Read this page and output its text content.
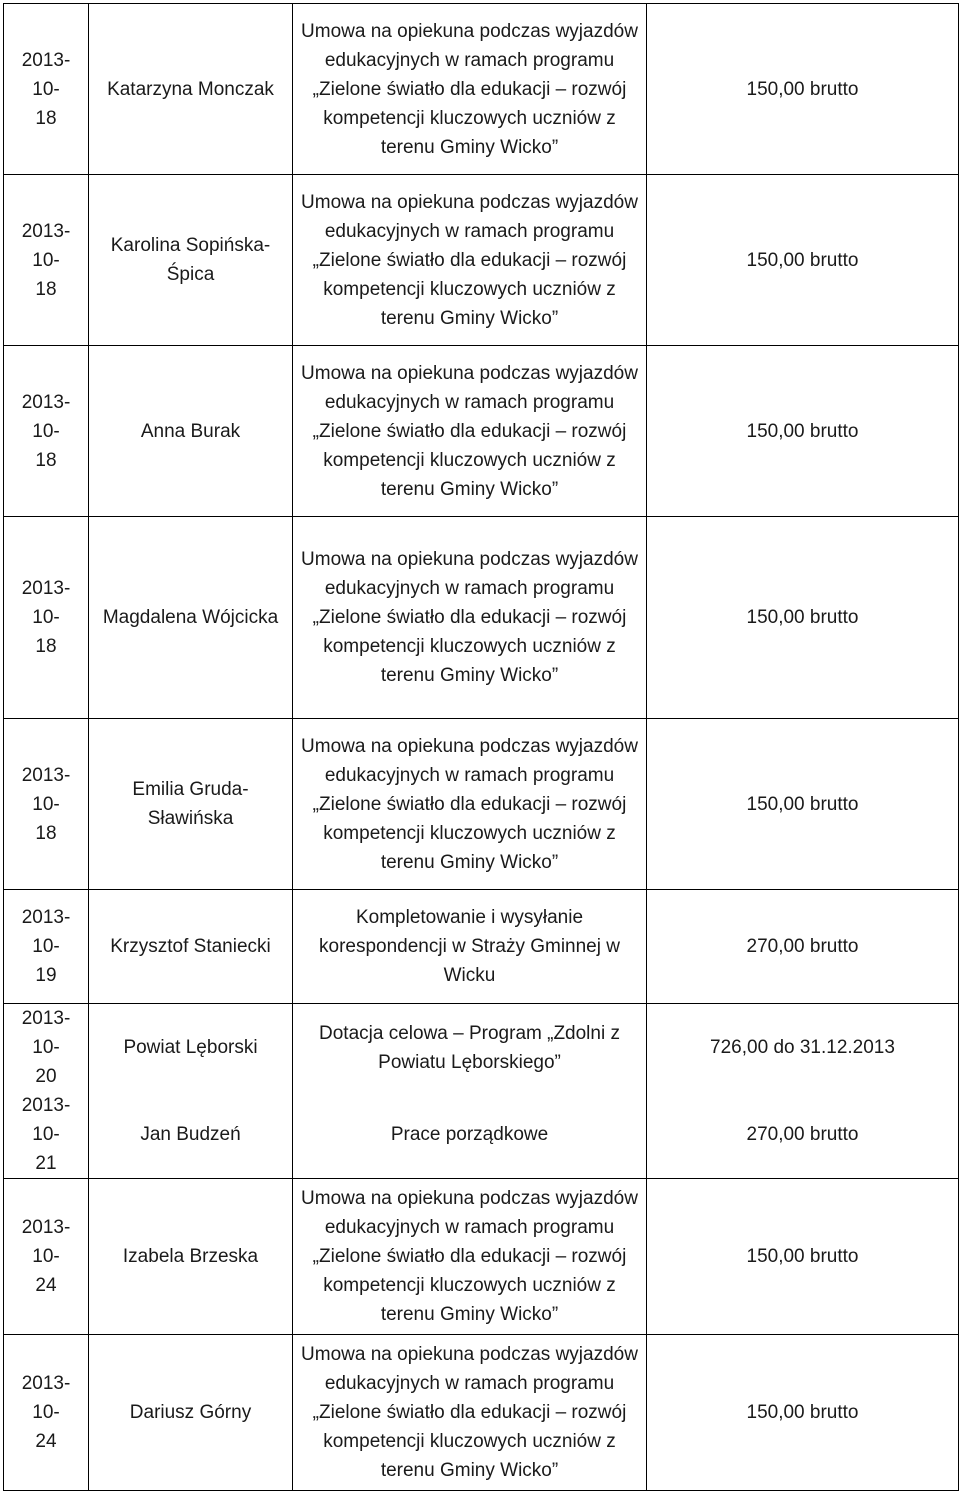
2013-10-
18	Katarzyna Monczak	Umowa na opiekuna podczas wyjazdów
edukacyjnych w ramach programu
„Zielone światło dla edukacji – rozwój
kompetencji kluczowych uczniów z
terenu Gminy Wicko”	150,00 brutto
2013-10-
18	Karolina Sopińska-
Śpica	Umowa na opiekuna podczas wyjazdów
edukacyjnych w ramach programu
„Zielone światło dla edukacji – rozwój
kompetencji kluczowych uczniów z
terenu Gminy Wicko”	150,00 brutto
2013-10-
18	Anna Burak	Umowa na opiekuna podczas wyjazdów
edukacyjnych w ramach programu
„Zielone światło dla edukacji – rozwój
kompetencji kluczowych uczniów z
terenu Gminy Wicko”	150,00 brutto
2013-10-
18	Magdalena Wójcicka	Umowa na opiekuna podczas wyjazdów
edukacyjnych w ramach programu
„Zielone światło dla edukacji – rozwój
kompetencji kluczowych uczniów z
terenu Gminy Wicko”	150,00 brutto
2013-10-
18	Emilia Gruda-
Sławińska	Umowa na opiekuna podczas wyjazdów
edukacyjnych w ramach programu
„Zielone światło dla edukacji – rozwój
kompetencji kluczowych uczniów z
terenu Gminy Wicko”	150,00 brutto
2013-10-
19	Krzysztof Staniecki	Kompletowanie i wysyłanie
korespondencji w Straży Gminnej w
Wicku	270,00 brutto
2013-10-
20	Powiat Lęborski	Dotacja celowa – Program „Zdolni z
Powiatu Lęborskiego”	726,00 do 31.12.2013
2013-10-
21	Jan Budzeń	Prace porządkowe	270,00 brutto
2013-10-
24	Izabela Brzeska	Umowa na opiekuna podczas wyjazdów
edukacyjnych w ramach programu
„Zielone światło dla edukacji – rozwój
kompetencji kluczowych uczniów z
terenu Gminy Wicko”	150,00 brutto
2013-10-
24	Dariusz Górny	Umowa na opiekuna podczas wyjazdów
edukacyjnych w ramach programu
„Zielone światło dla edukacji – rozwój
kompetencji kluczowych uczniów z
terenu Gminy Wicko”	150,00 brutto
